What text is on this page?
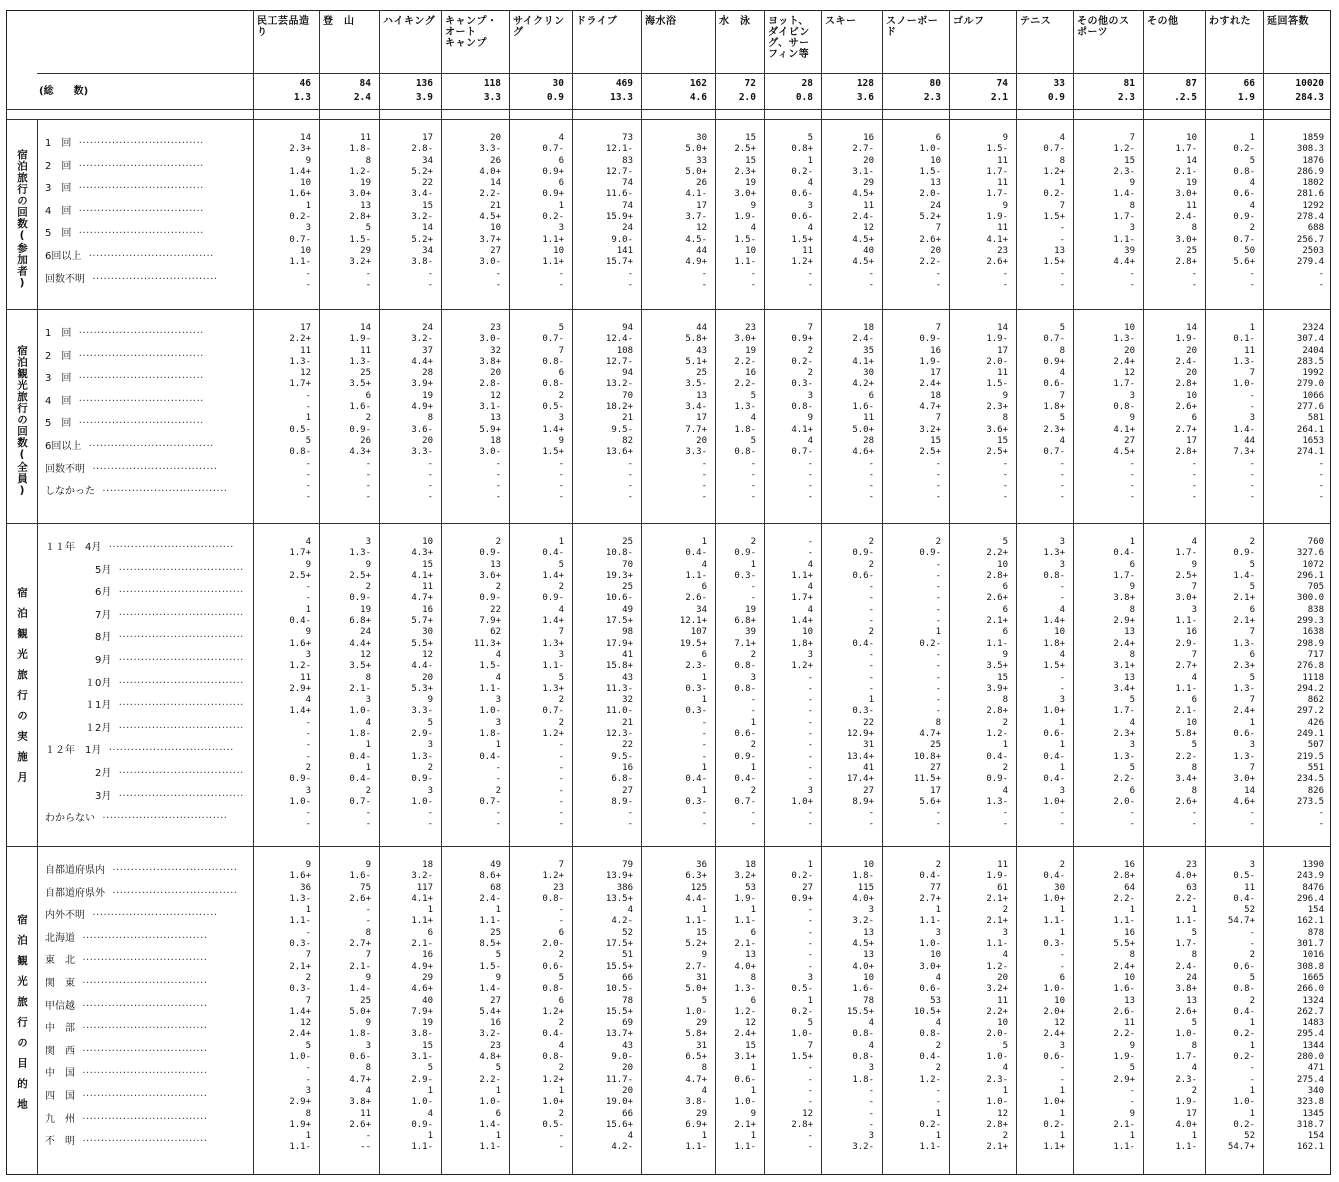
民工芸品造り
46
1.3
登　山
84
2.4
ハイキング
136
3.9
キャンプ・オート
キャンプ
118
3.3
サイクリング
30
0.9
ドライブ
469
13.3
海水浴
162
4.6
水　泳
72
2.0
ヨット、ダイビング、サーフィン等
28
0.8
スキー
128
3.6
スノーボード
80
2.3
ゴルフ
74
2.1
テニス
33
0.9
その他のスポーツ
81
2.3
その他
87
.2.5
わすれた
66
1.9
延回答数
10020
284.3
(総　　数)
宿泊旅行の回数(参加者)
1　回  ··································
2　回  ··································
3　回  ··································
4　回  ··································
5　回  ··································
6回以上  ··································
回数不明  ··································
14
2.3+
9
1.4+
10
1.6+
1
0.2-
3
0.7-
10
1.1-
-
-
11
1.8-
8
1.2-
19
3.0+
13
2.8+
5
1.5-
29
3.2+
-
-
17
2.8-
34
5.2+
22
3.4-
15
3.2-
14
5.2+
34
3.8-
-
-
20
3.3-
26
4.0+
14
2.2-
21
4.5+
10
3.7+
27
3.0-
-
-
4
0.7-
6
0.9+
6
0.9+
1
0.2-
3
1.1+
10
1.1+
-
-
73
12.1-
83
12.7-
74
11.6-
74
15.9+
24
9.0-
141
15.7+
-
-
30
5.0+
33
5.0+
26
4.1-
17
3.7-
12
4.5-
44
4.9+
-
-
15
2.5+
15
2.3+
19
3.0+
9
1.9-
4
1.5-
10
1.1-
-
-
5
0.8+
1
0.2-
4
0.6-
3
0.6-
4
1.5+
11
1.2+
-
-
16
2.7-
20
3.1-
29
4.5+
11
2.4-
12
4.5+
40
4.5+
-
-
6
1.0-
10
1.5-
13
2.0-
24
5.2+
7
2.6+
20
2.2-
-
-
9
1.5-
11
1.7-
11
1.7-
9
1.9-
11
4.1+
23
2.6+
-
-
4
0.7-
8
1.2+
1
0.2-
7
1.5+
-
-
13
1.5+
-
-
7
1.2-
15
2.3-
9
1.4-
8
1.7-
3
1.1-
39
4.4+
-
-
10
1.7-
14
2.1-
19
3.0+
11
2.4-
8
3.0+
25
2.8+
-
-
1
0.2-
5
0.8-
4
0.6-
4
0.9-
2
0.7-
50
5.6+
-
-
1859
308.3
1876
286.9
1802
281.6
1292
278.4
688
256.7
2503
279.4
-
-
宿泊観光旅行の回数(全員)
1　回  ··································
2　回  ··································
3　回  ··································
4　回  ··································
5　回  ··································
6回以上  ··································
回数不明  ··································
しなかった  ··································
17
2.2+
11
1.3-
12
1.7+
-
-
1
0.5-
5
0.8-
-
-
-
-
14
1.9-
11
1.3-
25
3.5+
6
1.6-
2
0.9-
26
4.3+
-
-
-
-
24
3.2-
37
4.4+
28
3.9+
19
4.9+
8
3.6-
20
3.3-
-
-
-
-
23
3.0-
32
3.8+
20
2.8-
12
3.1-
13
5.9+
18
3.0-
-
-
-
-
5
0.7-
7
0.8-
6
0.8-
2
0.5-
3
1.4+
9
1.5+
-
-
-
-
94
12.4-
108
12.7-
94
13.2-
70
18.2+
21
9.5-
82
13.6+
-
-
-
-
44
5.8+
43
5.1+
25
3.5-
13
3.4-
17
7.7+
20
3.3-
-
-
-
-
23
3.0+
19
2.2-
16
2.2-
5
1.3-
4
1.8-
5
0.8-
-
-
-
-
7
0.9+
2
0.2-
2
0.3-
3
0.8-
9
4.1+
4
0.7-
-
-
-
-
18
2.4-
35
4.1+
30
4.2+
6
1.6-
11
5.0+
28
4.6+
-
-
-
-
7
0.9-
16
1.9-
17
2.4+
18
4.7+
7
3.2+
15
2.5+
-
-
-
-
14
1.9-
17
2.0-
11
1.5-
9
2.3+
8
3.6+
15
2.5+
-
-
-
-
5
0.7-
8
0.9+
4
0.6-
7
1.8+
5
2.3+
4
0.7-
-
-
-
-
10
1.3-
20
2.4+
12
1.7-
3
0.8-
9
4.1+
27
4.5+
-
-
-
-
14
1.9-
20
2.4-
20
2.8+
10
2.6+
6
2.7+
17
2.8+
-
-
-
-
1
0.1-
11
1.3-
7
1.0-
-
-
3
1.4-
44
7.3+
-
-
-
-
2324
307.4
2404
283.5
1992
279.0
1066
277.6
581
264.1
1653
274.1
-
-
-
-
宿泊観光旅行の実施月
１１年　4月  ··································
　　　　　5月  ··································
　　　　　6月  ··································
　　　　　7月  ··································
　　　　　8月  ··································
　　　　　9月  ··································
　　　　１0月  ··································
　　　　１1月  ··································
　　　　１2月  ··································
１２年　1月  ··································
　　　　　2月  ··································
　　　　　3月  ··································
わからない  ··································
4
1.7+
9
2.5+
-
-
1
0.4-
9
1.6+
3
1.2-
11
2.9+
4
1.4+
-
-
-
-
2
0.9-
3
1.0-
-
-
3
1.3-
9
2.5+
2
0.9-
19
6.8+
24
4.4+
12
3.5+
8
2.1-
3
1.0-
4
1.8-
1
0.4-
1
0.4-
2
0.7-
-
-
10
4.3+
15
4.1+
11
4.7+
16
5.7+
30
5.5+
12
4.4-
20
5.3+
9
3.3-
5
2.9-
3
1.3-
2
0.9-
3
1.0-
-
-
2
0.9-
13
3.6+
2
0.9-
22
7.9+
62
11.3+
4
1.5-
4
1.1-
3
1.0-
3
1.8-
1
0.4-
-
-
2
0.7-
-
-
1
0.4-
5
1.4+
2
0.9-
4
1.4+
7
1.3+
3
1.1-
5
1.3+
2
0.7-
2
1.2+
-
-
-
-
-
-
-
-
25
10.8-
70
19.3+
25
10.6-
49
17.5+
98
17.9+
41
15.8+
43
11.3-
32
11.0-
21
12.3-
22
9.5-
16
6.8-
27
8.9-
-
-
1
0.4-
4
1.1-
6
2.6-
34
12.1+
107
19.5+
6
2.3-
1
0.3-
1
0.3-
-
-
-
-
1
0.4-
1
0.3-
-
-
2
0.9-
1
0.3-
-
-
19
6.8+
39
7.1+
2
0.8-
3
0.8-
-
-
1
0.6-
2
0.9-
1
0.4-
2
0.7-
-
-
-
-
4
1.1+
4
1.7+
4
1.4+
10
1.8+
3
1.2+
-
-
-
-
-
-
-
-
-
-
3
1.0+
-
-
2
0.9-
2
0.6-
-
-
-
-
2
0.4-
-
-
-
-
1
0.3-
22
12.9+
31
13.4+
41
17.4+
27
8.9+
-
-
2
0.9-
-
-
-
-
-
-
1
0.2-
-
-
-
-
-
-
8
4.7+
25
10.8+
27
11.5+
17
5.6+
-
-
5
2.2+
10
2.8+
6
2.6+
6
2.1+
6
1.1-
9
3.5+
15
3.9+
8
2.8+
2
1.2-
1
0.4-
2
0.9-
4
1.3-
-
-
3
1.3+
3
0.8-
-
-
4
1.4+
10
1.8+
4
1.5+
-
-
3
1.0+
1
0.6-
1
0.4-
1
0.4-
3
1.0+
-
-
1
0.4-
6
1.7-
9
3.8+
8
2.9+
13
2.4+
8
3.1+
13
3.4+
5
1.7-
4
2.3+
3
1.3-
5
2.2-
6
2.0-
-
-
4
1.7-
9
2.5+
7
3.0+
3
1.1-
16
2.9-
7
2.7+
4
1.1-
6
2.1-
10
5.8+
5
2.2-
8
3.4+
8
2.6+
-
-
2
0.9-
5
1.4-
5
2.1+
6
2.1+
7
1.3-
6
2.3+
5
1.3-
7
2.4+
1
0.6-
3
1.3-
7
3.0+
14
4.6+
-
-
760
327.6
1072
296.1
705
300.0
838
299.3
1638
298.9
717
276.8
1118
294.2
862
297.2
426
249.1
507
219.5
551
234.5
826
273.5
-
-
宿泊観光旅行の目的地
自都道府県内  ··································
自都道府県外  ··································
内外不明  ··································
北海道  ··································
東　北  ··································
関　東  ··································
甲信越  ··································
中　部  ··································
関　西  ··································
中　国  ··································
四　国  ··································
九　州  ··································
不　明  ··································
9
1.6+
36
1.3-
1
1.1-
-
0.3-
7
2.1+
2
0.3-
7
1.4+
12
2.4+
5
1.0-
-
-
3
2.9+
8
1.9+
1
1.1-
9
1.6-
75
2.6+
-
-
8
2.7+
7
2.1-
9
1.4-
25
5.0+
9
1.8-
3
0.6-
8
4.7+
4
3.8+
11
2.6+
-
--
18
3.2-
117
4.1+
1
1.1+
6
2.1-
16
4.9+
29
4.6+
40
7.9+
19
3.8-
15
3.1-
5
2.9-
1
1.0-
4
0.9-
1
1.1-
49
8.6+
68
2.4-
1
1.1-
25
8.5+
5
1.5-
9
1.4-
27
5.4+
16
3.2-
23
4.8+
5
2.2-
1
1.0-
6
1.4-
1
1.1-
7
1.2+
23
0.8-
-
-
6
2.0-
2
0.6-
5
0.8-
6
1.2+
2
0.4-
4
0.8-
2
1.2+
1
1.0+
2
0.5-
-
-
79
13.9+
386
13.5+
4
4.2-
52
17.5+
51
15.5+
66
10.5-
78
15.5+
69
13.7+
43
9.0-
20
11.7-
20
19.0+
66
15.6+
4
4.2-
36
6.3+
125
4.4-
1
1.1-
15
5.2+
9
2.7-
31
5.0+
5
1.0-
29
5.8+
31
6.5+
8
4.7+
4
3.8-
29
6.9+
1
1.1-
18
3.2+
53
1.9-
1
1.1-
6
2.1-
13
4.0+
8
1.3-
6
1.2-
12
2.4+
15
3.1+
1
0.6-
1
1.0-
9
2.1+
1
1.1-
1
0.2-
27
0.9+
-
-
-
-
-
-
3
0.5-
1
0.2-
5
1.0-
7
1.5+
-
-
-
-
12
2.8+
-
-
10
1.8-
115
4.0+
3
3.2-
13
4.5+
13
4.0+
10
1.6-
78
15.5+
4
0.8-
4
0.8-
3
1.8-
-
-
-
-
3
3.2-
2
0.4-
77
2.7+
1
1.1-
3
1.0-
10
3.0+
4
0.6-
53
10.5+
4
0.8-
2
0.4-
2
1.2-
-
-
1
0.2-
1
1.1-
11
1.9-
61
2.1+
2
2.1+
3
1.1-
4
1.2-
20
3.2+
11
2.2+
10
2.0-
5
1.0-
4
2.3-
1
1.0-
12
2.8+
2
2.1+
2
0.4-
30
1.0+
1
1.1-
1
0.3-
-
-
6
1.0-
10
2.0+
12
2.4+
3
0.6-
-
-
1
1.0+
1
0.2-
1
1.1+
16
2.8+
64
2.2-
1
1.1-
16
5.5+
8
2.4+
10
1.6-
13
2.6-
11
2.2-
9
1.9-
5
2.9+
-
-
9
2.1-
1
1.1-
23
4.0+
63
2.2-
1
1.1-
5
1.7-
8
2.4-
24
3.8+
13
2.6+
5
1.0-
8
1.7-
4
2.3-
2
1.9-
17
4.0+
1
1.1-
3
0.5-
11
0.4-
52
54.7+
-
-
2
0.6-
5
0.8-
2
0.4-
1
0.2-
1
0.2-
-
-
1
1.0-
1
0.2-
52
54.7+
1390
243.9
8476
296.4
154
162.1
878
301.7
1016
308.8
1665
266.0
1324
262.7
1483
295.4
1344
280.0
471
275.4
340
323.8
1345
318.7
154
162.1
